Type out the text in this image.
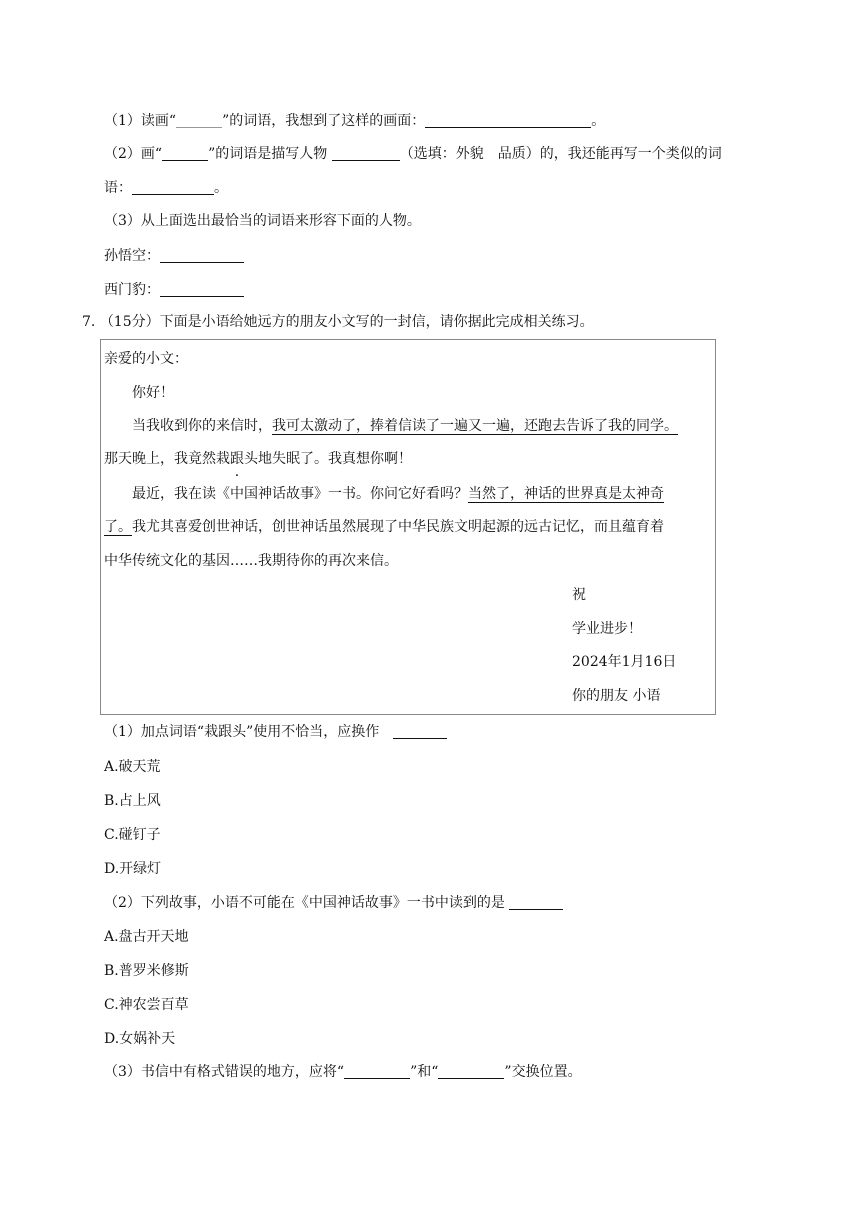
（1）读画“	”的词语，我想到了这样的画面：	。
（2）画“	”的词语是描写人物	（选填：外貌　品质）的，我还能再写一个类似的词
语：	。
（3）从上面选出最恰当的词语来形容下面的人物。
孙悟空：
西门豹：
7. （15分）下面是小语给她远方的朋友小文写的一封信，请你据此完成相关练习。
亲爱的小文：
你好！
当我收到你的来信时，我可太激动了，捧着信读了一遍又一遍，还跑去告诉了我的同学。
那天晚上，我竟然栽跟头地失眠了。我真想你啊！
最近，我在读《中国神话故事》一书。你问它好看吗？当然了，神话的世界真是太神奇
了。我尤其喜爱创世神话，创世神话虽然展现了中华民族文明起源的远古记忆，而且蕴育着
中华传统文化的基因……我期待你的再次来信。
祝
学业进步！
2024年1月16日
你的朋友 小语
（1）加点词语“栽跟头”使用不恰当，应换作
A.破天荒
B.占上风
C.碰钉子
D.开绿灯
（2）下列故事，小语不可能在《中国神话故事》一书中读到的是
A.盘古开天地
B.普罗米修斯
C.神农尝百草
D.女娲补天
（3）书信中有格式错误的地方，应将“	”和“	”交换位置。
